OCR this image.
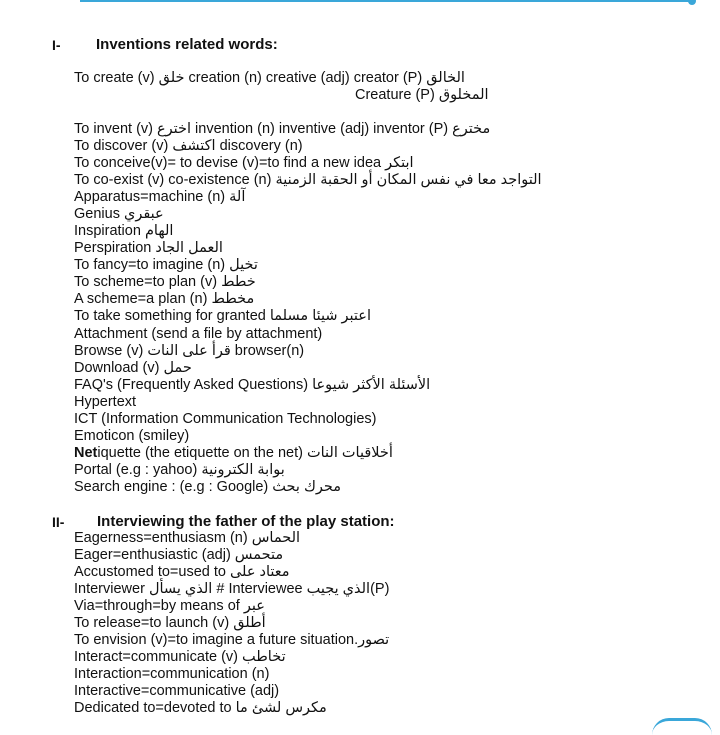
I- Inventions related words:
To create (v) خلق creation (n) creative (adj) creator (P) الخالق
Creature (P) المخلوق
To invent (v) اخترع invention (n) inventive (adj) inventor (P) مخترع
To discover (v) اكتشف discovery (n)
To conceive(v)= to devise (v)=to find a new idea ابتكر
To co-exist (v) co-existence (n) التواجد معا في نفس المكان أو الحقبة الزمنية
Apparatus=machine (n) آلة
Genius عبقري
Inspiration الهام
Perspiration العمل الجاد
To fancy=to imagine (n) تخيل
To scheme=to plan (v) خطط
A scheme=a plan (n) مخطط
To take something for granted اعتبر شيئا مسلما
Attachment (send a file by attachment)
Browse (v) قرأ على النات browser(n)
Download (v) حمل
FAQ's (Frequently Asked Questions) الأسئلة الأكثر شيوعا
Hypertext
ICT (Information Communication Technologies)
Emoticon (smiley)
Netiquette (the etiquette on the net) أخلاقيات النات
Portal (e.g : yahoo) بوابة الكترونية
Search engine : (e.g : Google) محرك بحث
II- Interviewing the father of the play station:
Eagerness=enthusiasm (n) الحماس
Eager=enthusiastic (adj) متحمس
Accustomed to=used to معتاد على
Interviewer الذي يسأل # Interviewee الذي يجيب(P)
Via=through=by means of عبر
To release=to launch (v) أطلق
To envision (v)=to imagine a future situation.تصور
Interact=communicate (v) تخاطب
Interaction=communication (n)
Interactive=communicative (adj)
Dedicated to=devoted to مكرس لشئ ما
